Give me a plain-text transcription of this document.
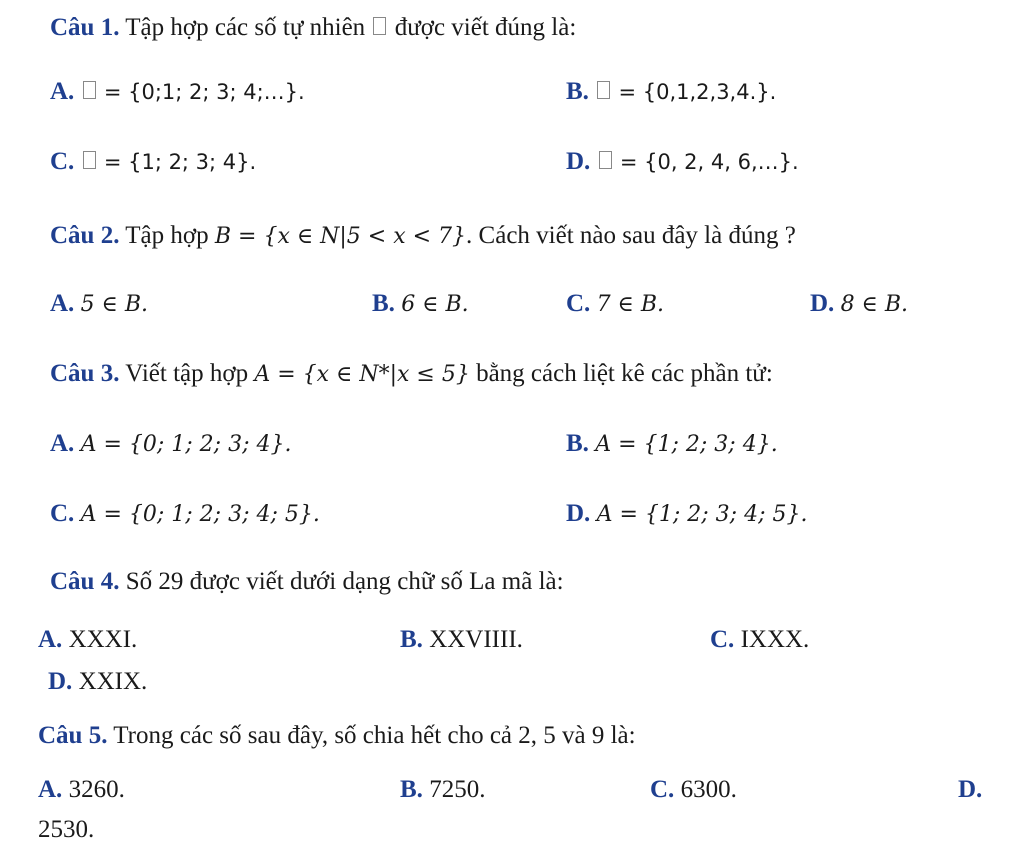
Câu 1. Tập hợp các số tự nhiên được viết đúng là:
A. = {0;1; 2; 3; 4;…}.	B. = {0,1,2,3,4.}.
C. = {1; 2; 3; 4}.	D. = {0, 2, 4, 6,…}.
Câu 2. Tập hợp B = {x ∈ N|5 < x < 7}. Cách viết nào sau đây là đúng ?
A. 5 ∈ B.	B. 6 ∈ B.	C. 7 ∈ B.	D. 8 ∈ B.
Câu 3. Viết tập hợp A = {x ∈ N*|x ≤ 5} bằng cách liệt kê các phần tử:
A. A = {0; 1; 2; 3; 4}.	B. A = {1; 2; 3; 4}.
C. A = {0; 1; 2; 3; 4; 5}.	D. A = {1; 2; 3; 4; 5}.
Câu 4. Số 29 được viết dưới dạng chữ số La mã là:
A. XXXI.	B. XXVIIII.	C. IXXX.
D. XXIX.
Câu 5. Trong các số sau đây, số chia hết cho cả 2, 5 và 9 là:
A. 3260.	B. 7250.	C. 6300.	D.
2530.
